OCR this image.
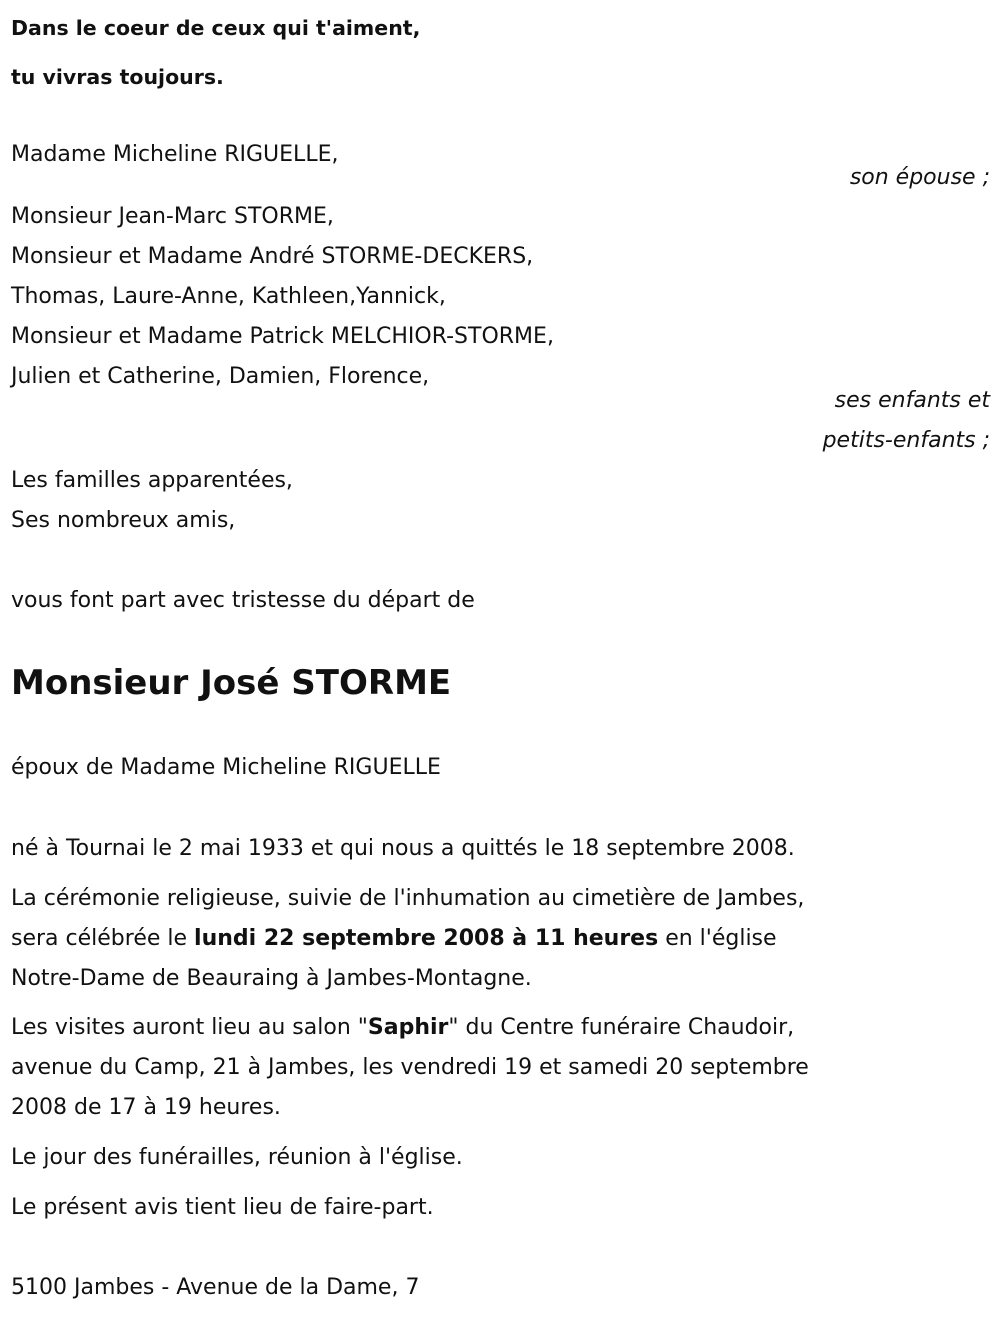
Dans le coeur de ceux qui t'aiment,
tu vivras toujours.
Madame Micheline RIGUELLE,
son épouse ;
Monsieur Jean-Marc STORME,
Monsieur et Madame André STORME-DECKERS,
Thomas, Laure-Anne, Kathleen,Yannick,
Monsieur et Madame Patrick MELCHIOR-STORME,
Julien et Catherine, Damien, Florence,
ses enfants et
petits-enfants ;
Les familles apparentées,
Ses nombreux amis,
vous font part avec tristesse du départ de
Monsieur José STORME
époux de Madame Micheline RIGUELLE
né à Tournai le 2 mai 1933 et qui nous a quittés le 18 septembre 2008.
La cérémonie religieuse, suivie de l'inhumation au cimetière de Jambes,
sera célébrée le lundi 22 septembre 2008 à 11 heures en l'église
Notre-Dame de Beauraing à Jambes-Montagne.
Les visites auront lieu au salon "Saphir" du Centre funéraire Chaudoir,
avenue du Camp, 21 à Jambes, les vendredi 19 et samedi 20 septembre
2008 de 17 à 19 heures.
Le jour des funérailles, réunion à l'église.
Le présent avis tient lieu de faire-part.
5100 Jambes - Avenue de la Dame, 7
